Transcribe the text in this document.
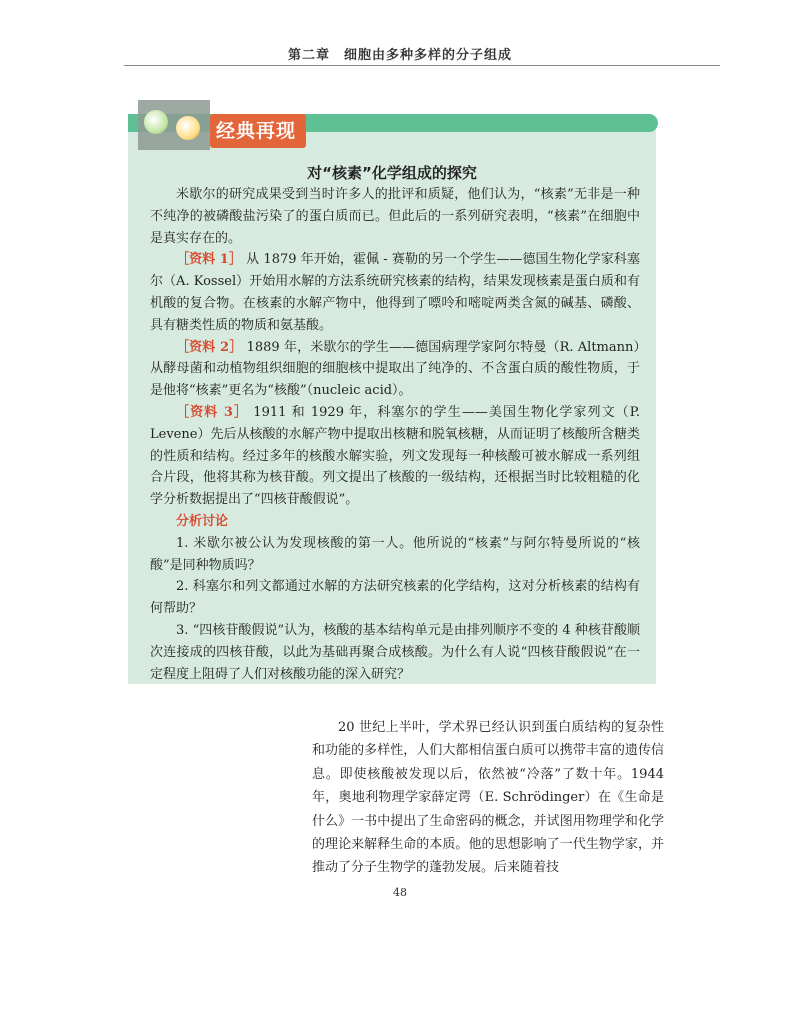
第二章　细胞由多种多样的分子组成
经典再现
对“核素”化学组成的探究

米歇尔的研究成果受到当时许多人的批评和质疑，他们认为，“核素”无非是一种不纯净的被磷酸盐污染了的蛋白质而已。但此后的一系列研究表明，“核素”在细胞中是真实存在的。

［资料 1］ 从 1879 年开始，霍佩 - 赛勒的另一个学生——德国生物化学家科塞尔（A. Kossel）开始用水解的方法系统研究核素的结构，结果发现核素是蛋白质和有机酸的复合物。在核素的水解产物中，他得到了嘌呤和嘧啶两类含氮的碱基、磷酸、具有糖类性质的物质和氨基酸。

［资料 2］ 1889 年，米歇尔的学生——德国病理学家阿尔特曼（R. Altmann）从酵母菌和动植物组织细胞的细胞核中提取出了纯净的、不含蛋白质的酸性物质，于是他将“核素”更名为“核酸”（nucleic acid）。

［资料 3］ 1911 和 1929 年，科塞尔的学生——美国生物化学家列文（P. Levene）先后从核酸的水解产物中提取出核糖和脱氧核糖，从而证明了核酸所含糖类的性质和结构。经过多年的核酸水解实验，列文发现每一种核酸可被水解成一系列组合片段，他将其称为核苷酸。列文提出了核酸的一级结构，还根据当时比较粗糙的化学分析数据提出了“四核苷酸假说”。

分析讨论

1. 米歇尔被公认为发现核酸的第一人。他所说的“核素”与阿尔特曼所说的“核酸”是同种物质吗？

2. 科塞尔和列文都通过水解的方法研究核素的化学结构，这对分析核素的结构有何帮助？

3. “四核苷酸假说”认为，核酸的基本结构单元是由排列顺序不变的 4 种核苷酸顺次连接成的四核苷酸，以此为基础再聚合成核酸。为什么有人说“四核苷酸假说”在一定程度上阻碍了人们对核酸功能的深入研究？

20 世纪上半叶，学术界已经认识到蛋白质结构的复杂性和功能的多样性，人们大都相信蛋白质可以携带丰富的遗传信息。即使核酸被发现以后，依然被“冷落”了数十年。1944 年，奥地利物理学家薛定谔（E. Schrödinger）在《生命是什么》一书中提出了生命密码的概念，并试图用物理学和化学的理论来解释生命的本质。他的思想影响了一代生物学家，并推动了分子生物学的蓬勃发展。后来随着技

48
